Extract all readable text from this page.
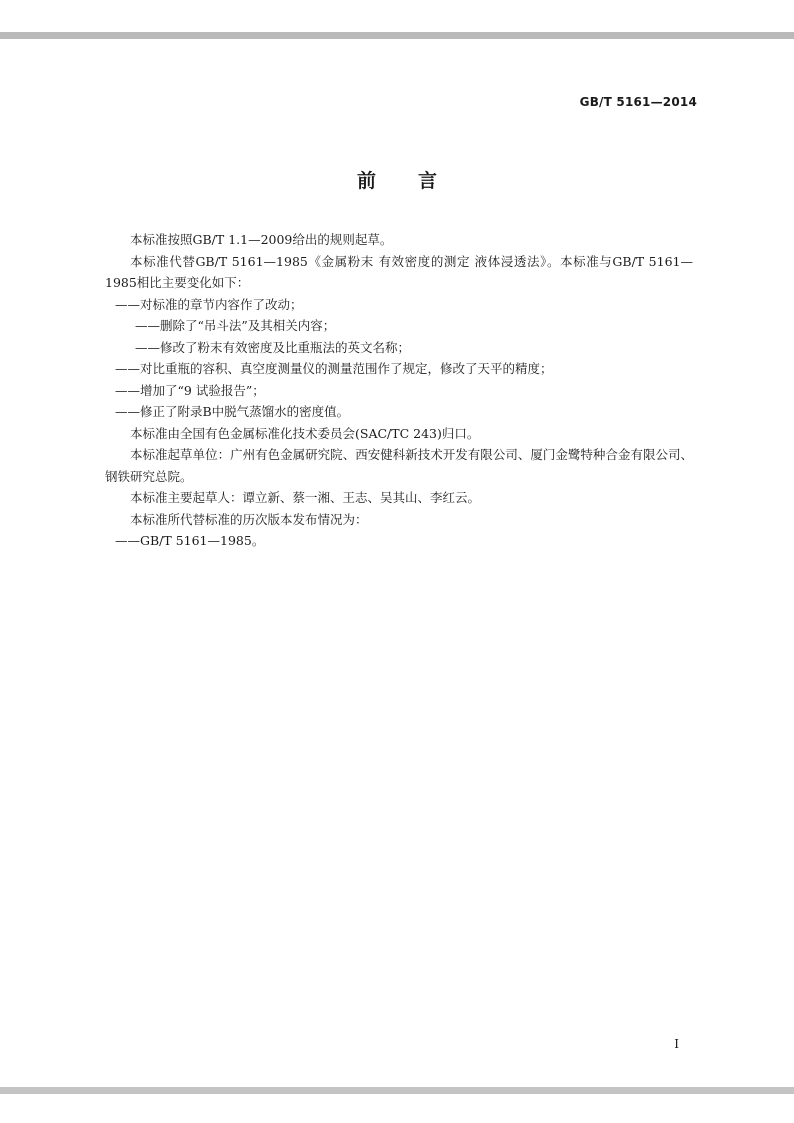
GB/T 5161—2014
前言

本标准按照GB/T 1.1—2009给出的规则起草。

本标准代替GB/T 5161—1985《金属粉末 有效密度的测定 液体浸透法》。本标准与GB/T 5161—1985相比主要变化如下：

——对标准的章节内容作了改动；
——删除了“吊斗法”及其相关内容；
——修改了粉末有效密度及比重瓶法的英文名称；
——对比重瓶的容积、真空度测量仪的测量范围作了规定，修改了天平的精度；
——增加了“9 试验报告”；
——修正了附录B中脱气蒸馏水的密度值。

本标准由全国有色金属标准化技术委员会(SAC/TC 243)归口。

本标准起草单位：广州有色金属研究院、西安健科新技术开发有限公司、厦门金鹭特种合金有限公司、钢铁研究总院。

本标准主要起草人：谭立新、蔡一湘、王志、吴其山、李红云。

本标准所代替标准的历次版本发布情况为：

——GB/T 5161—1985。
I
